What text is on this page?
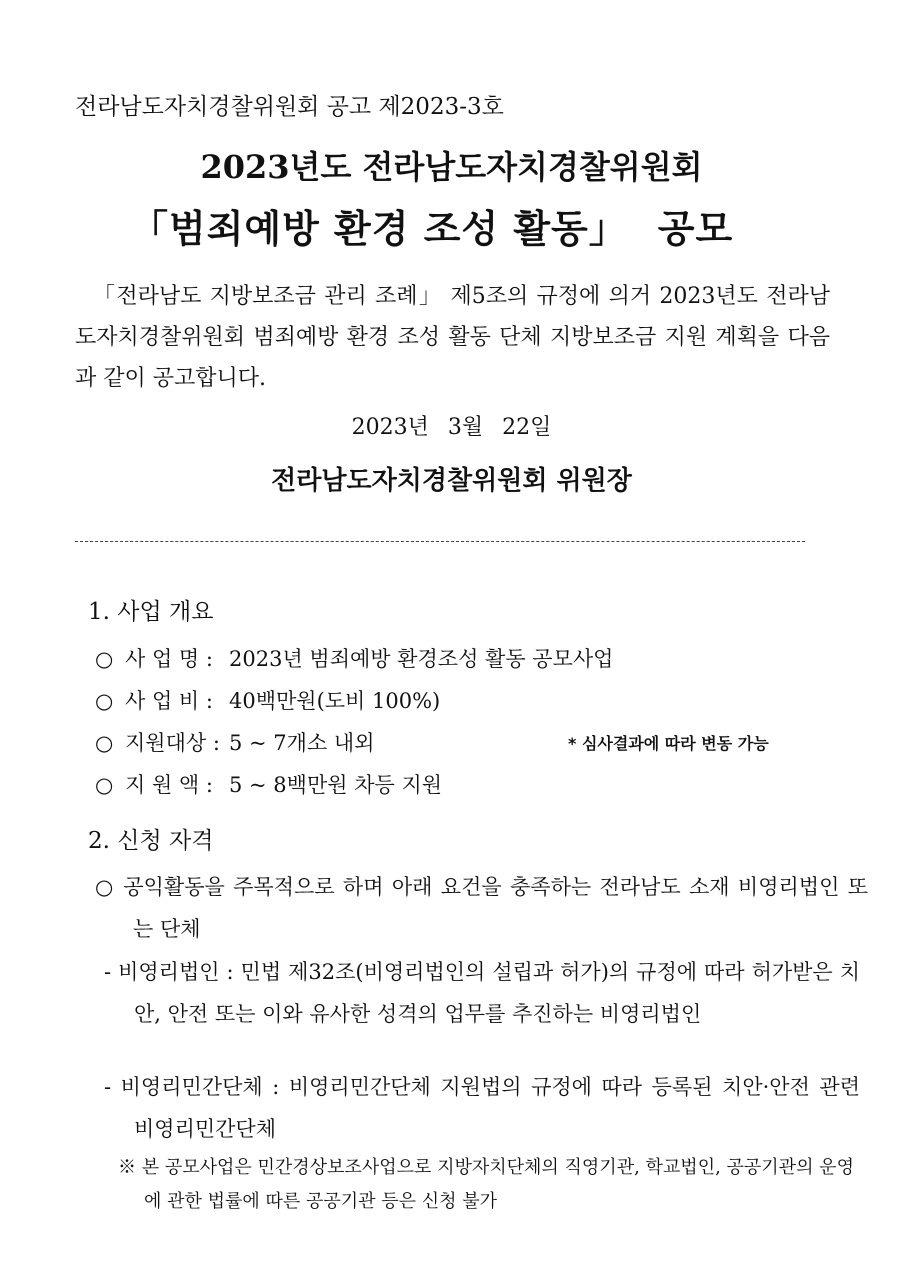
전라남도자치경찰위원회 공고 제2023-3호
2023년도 전라남도자치경찰위원회
「범죄예방 환경 조성 활동」 공모
「전라남도 지방보조금 관리 조례」 제5조의 규정에 의거 2023년도 전라남도자치경찰위원회 범죄예방 환경 조성 활동 단체 지방보조금 지원 계획을 다음과 같이 공고합니다.
2023년 3월 22일
전라남도자치경찰위원회 위원장
1. 사업 개요
○ 사 업 명 : 2023년 범죄예방 환경조성 활동 공모사업
○ 사 업 비 : 40백만원(도비 100%)
○ 지원대상 : 5 ~ 7개소 내외	* 심사결과에 따라 변동 가능
○ 지 원 액 : 5 ~ 8백만원 차등 지원
2. 신청 자격
○ 공익활동을 주목적으로 하며 아래 요건을 충족하는 전라남도 소재 비영리법인 또는 단체
- 비영리법인 : 민법 제32조(비영리법인의 설립과 허가)의 규정에 따라 허가받은 치안, 안전 또는 이와 유사한 성격의 업무를 추진하는 비영리법인
- 비영리민간단체 : 비영리민간단체 지원법의 규정에 따라 등록된 치안·안전 관련 비영리민간단체
※ 본 공모사업은 민간경상보조사업으로 지방자치단체의 직영기관, 학교법인, 공공기관의 운영에 관한 법률에 따른 공공기관 등은 신청 불가
